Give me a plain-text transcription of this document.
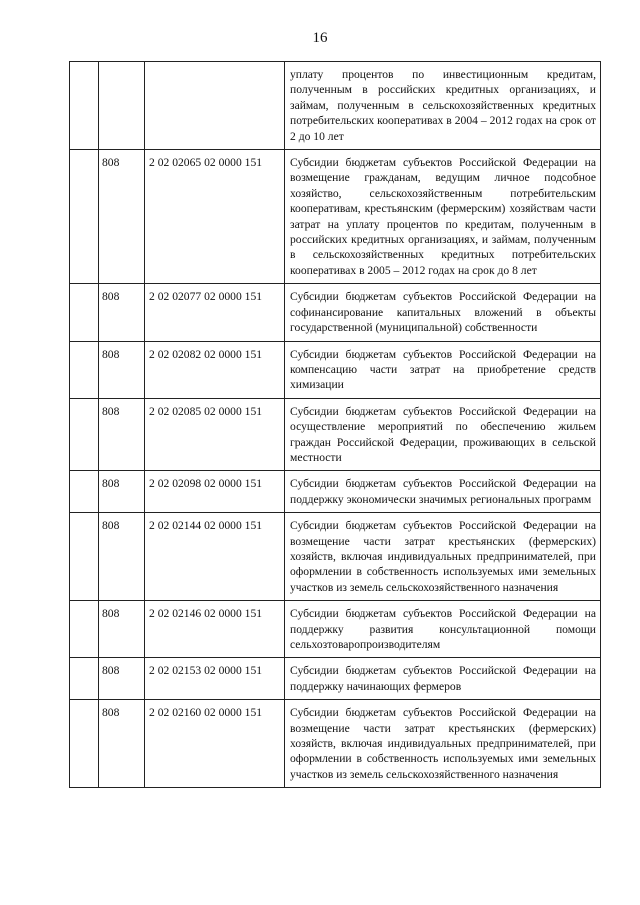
16
			уплату процентов по инвестиционным кредитам, полученным в российских кредитных организациях, и займам, полученным в сельскохозяйственных кредитных потребительских кооперативах в 2004 – 2012 годах на срок от 2 до 10 лет
	808	2 02 02065 02 0000 151	Субсидии бюджетам субъектов Российской Федерации на возмещение гражданам, ведущим личное подсобное хозяйство, сельскохозяйственным потребительским кооперативам, крестьянским (фермерским) хозяйствам части затрат на уплату процентов по кредитам, полученным в российских кредитных организациях, и займам, полученным в сельскохозяйственных кредитных потребительских кооперативах в 2005 – 2012 годах на срок до 8 лет
	808	2 02 02077 02 0000 151	Субсидии бюджетам субъектов Российской Федерации на софинансирование капитальных вложений в объекты государственной (муниципальной) собственности
	808	2 02 02082 02 0000 151	Субсидии бюджетам субъектов Российской Федерации на компенсацию части затрат на приобретение средств химизации
	808	2 02 02085 02 0000 151	Субсидии бюджетам субъектов Российской Федерации на осуществление мероприятий по обеспечению жильем граждан Российской Федерации, проживающих в сельской местности
	808	2 02 02098 02 0000 151	Субсидии бюджетам субъектов Российской Федерации на поддержку экономически значимых региональных программ
	808	2 02 02144 02 0000 151	Субсидии бюджетам субъектов Российской Федерации на возмещение части затрат крестьянских (фермерских) хозяйств, включая индивидуальных предпринимателей, при оформлении в собственность используемых ими земельных участков из земель сельскохозяйственного назначения
	808	2 02 02146 02 0000 151	Субсидии бюджетам субъектов Российской Федерации на поддержку развития консультационной помощи сельхозтоваропроизводителям
	808	2 02 02153 02 0000 151	Субсидии бюджетам субъектов Российской Федерации на поддержку начинающих фермеров
	808	2 02 02160 02 0000 151	Субсидии бюджетам субъектов Российской Федерации на возмещение части затрат крестьянских (фермерских) хозяйств, включая индивидуальных предпринимателей, при оформлении в собственность используемых ими земельных участков из земель сельскохозяйственного назначения
